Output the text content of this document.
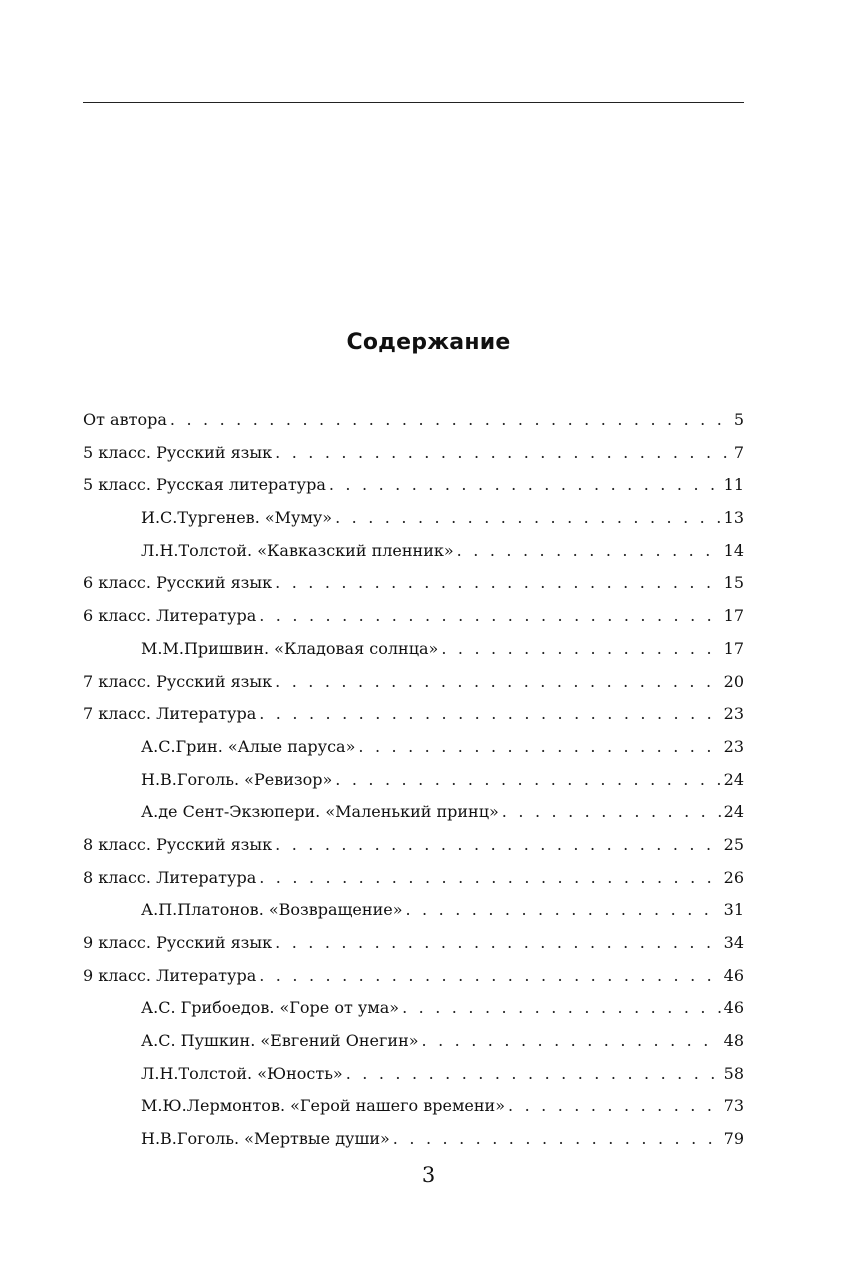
Содержание
От автора . . .	5
5 класс. Русский язык . . .	7
5 класс. Русская литература . . .	11
И.С.Тургенев. «Муму» . . .	13
Л.Н.Толстой. «Кавказский пленник» . . .	14
6 класс. Русский язык . . .	15
6 класс. Литература . . .	17
М.М.Пришвин. «Кладовая солнца» . . .	17
7 класс. Русский язык . . .	20
7 класс. Литература . . .	23
А.С.Грин. «Алые паруса» . . .	23
Н.В.Гоголь. «Ревизор» . . .	24
А.де Сент-Экзюпери. «Маленький принц» . . .	24
8 класс. Русский язык . . .	25
8 класс. Литература . . .	26
А.П.Платонов. «Возвращение» . . .	31
9 класс. Русский язык . . .	34
9 класс. Литература . . .	46
А.С. Грибоедов. «Горе от ума» . . .	46
А.С. Пушкин. «Евгений Онегин» . . .	48
Л.Н.Толстой. «Юность» . . .	58
М.Ю.Лермонтов. «Герой нашего времени» . . .	73
Н.В.Гоголь. «Мертвые души» . . .	79
3
